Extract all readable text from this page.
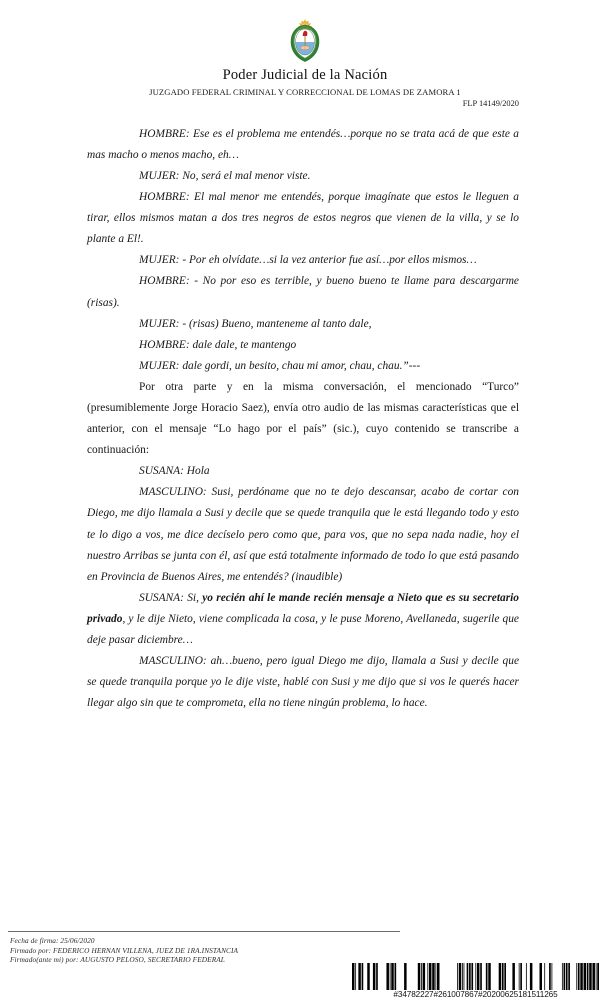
Poder Judicial de la Nación
JUZGADO FEDERAL CRIMINAL Y CORRECCIONAL DE LOMAS DE ZAMORA 1
FLP 14149/2020

HOMBRE: Ese es el problema me entendés…porque no se trata acá de que este a mas macho o menos macho, eh…

MUJER: No, será el mal menor viste.

HOMBRE: El mal menor me entendés, porque imagínate que estos le lleguen a tirar, ellos mismos matan a dos tres negros de estos negros que vienen de la villa, y se lo plante a El!.

MUJER: - Por eh olvídate…si la vez anterior fue así…por ellos mismos…

HOMBRE: - No por eso es terrible, y bueno bueno te llame para descargarme (risas).

MUJER: - (risas) Bueno, manteneme al tanto dale,

HOMBRE: dale dale, te mantengo

MUJER: dale gordi, un besito, chau mi amor, chau, chau.”---

Por otra parte y en la misma conversación, el mencionado “Turco” (presumiblemente Jorge Horacio Saez), envía otro audio de las mismas características que el anterior, con el mensaje “Lo hago por el país” (sic.), cuyo contenido se transcribe a continuación:

SUSANA: Hola

MASCULINO: Susi, perdóname que no te dejo descansar, acabo de cortar con Diego, me dijo llamala a Susi y decile que se quede tranquila que le está llegando todo y esto te lo digo a vos, me dice decíselo pero como que, para vos, que no sepa nada nadie, hoy el nuestro Arribas se junta con él, así que está totalmente informado de todo lo que está pasando en Provincia de Buenos Aires, me entendés? (inaudible)

SUSANA: Si, yo recién ahí le mande recién mensaje a Nieto que es su secretario privado, y le dije Nieto, viene complicada la cosa, y le puse Moreno, Avellaneda, sugerile que deje pasar diciembre…

MASCULINO: ah…bueno, pero igual Diego me dijo, llamala a Susi y decile que se quede tranquila porque yo le dije viste, hablé con Susi y me dijo que si vos le querés hacer llegar algo sin que te comprometa, ella no tiene ningún problema, lo hace.

Fecha de firma: 25/06/2020
Firmado por: FEDERICO HERNAN VILLENA, JUEZ DE 1RA.INSTANCIA
Firmado(ante mi) por: AUGUSTO PELOSO, SECRETARIO FEDERAL
#34782227#261007867#20200625181511265
